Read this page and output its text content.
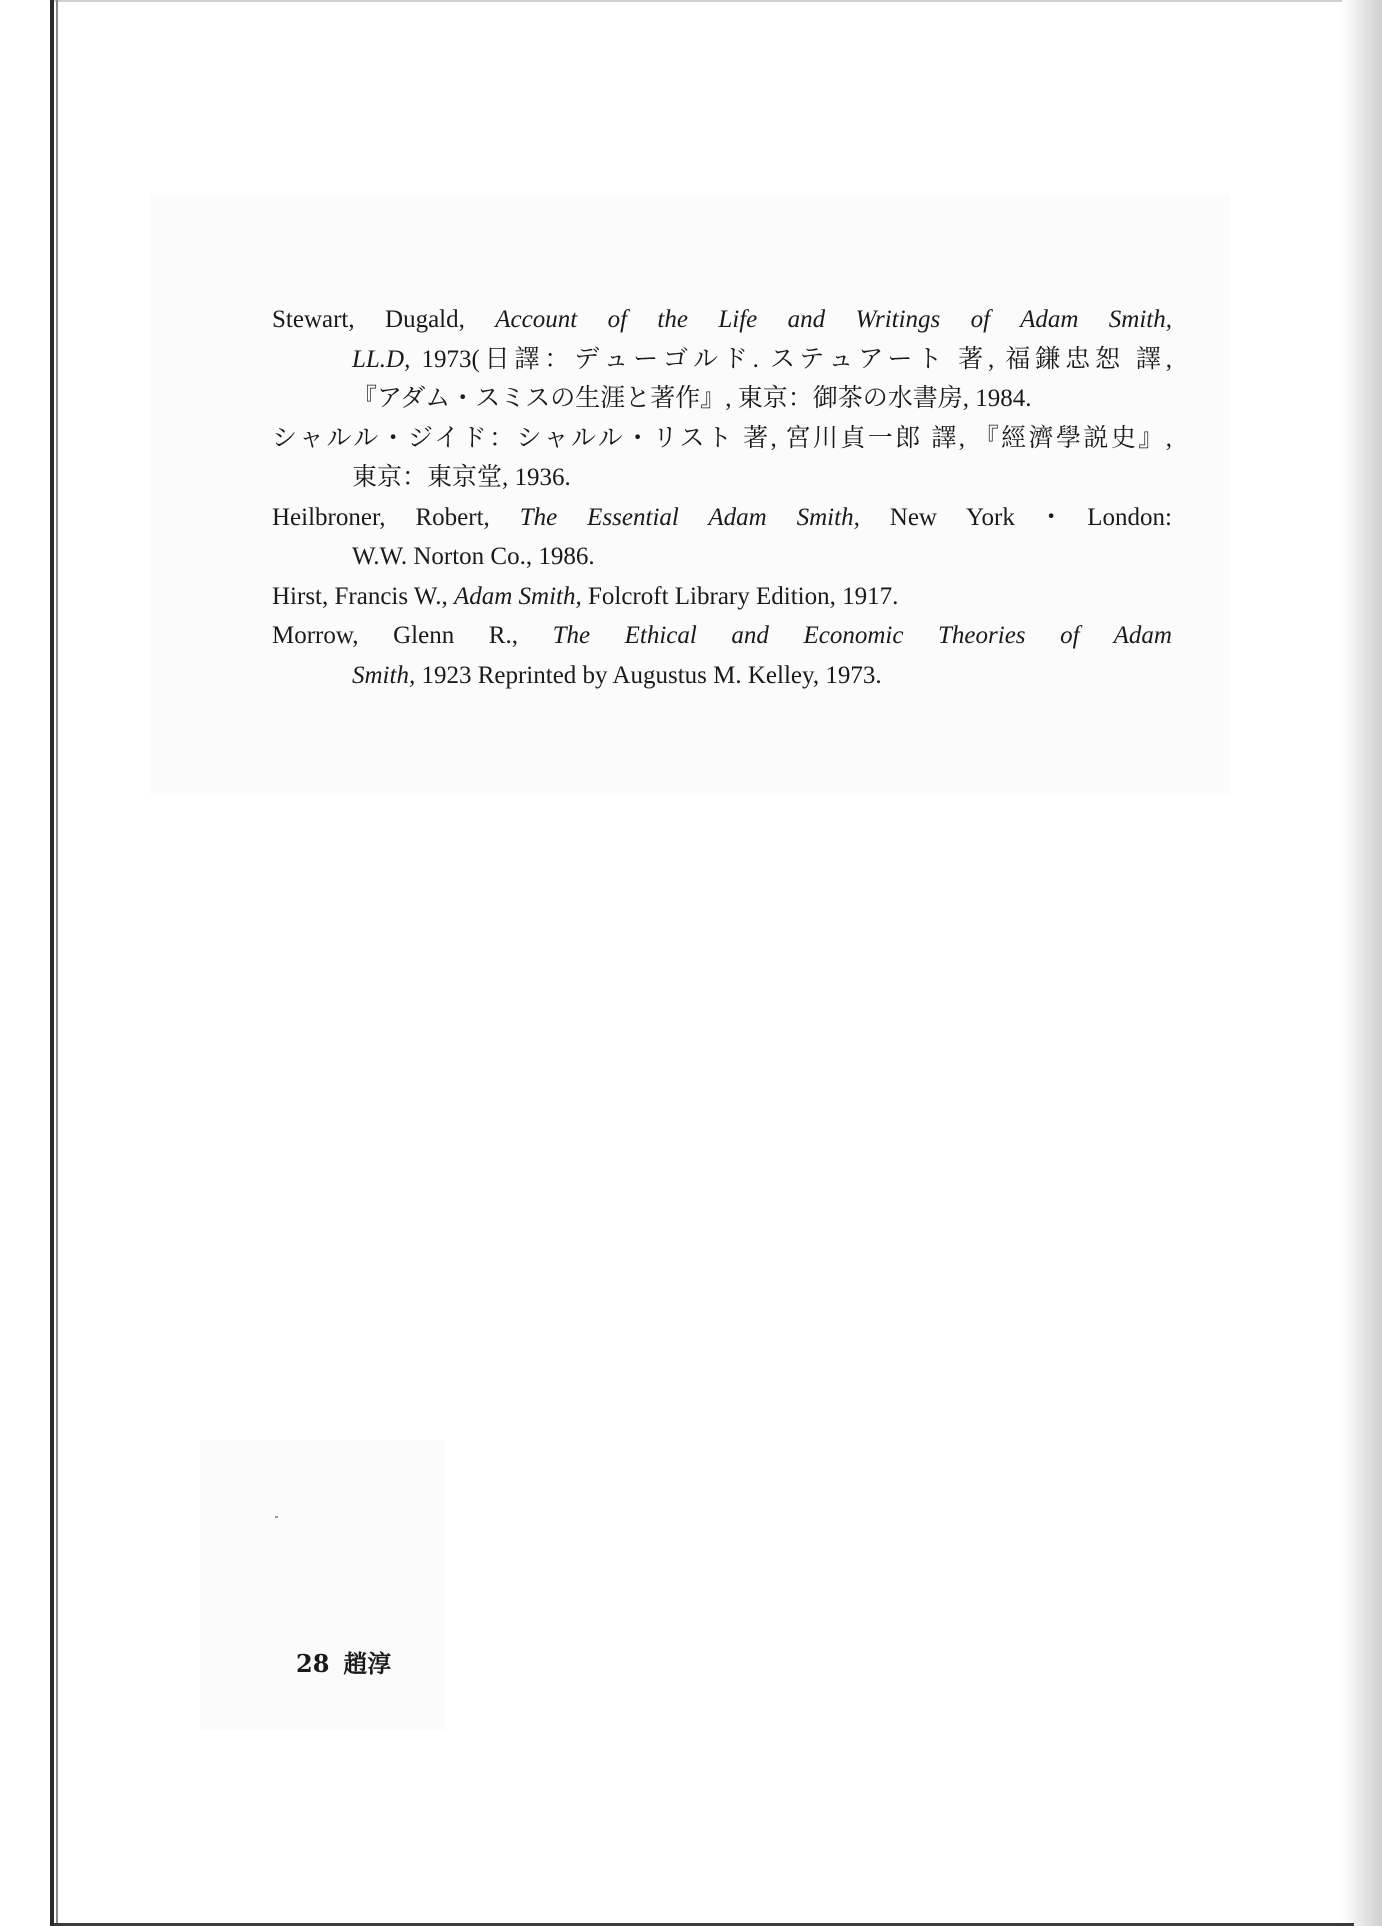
Stewart, Dugald, Account of the Life and Writings of Adam Smith,
LL.D, 1973(日譯：デューゴルド. ステュアート 著, 福鎌忠恕 譯,
『アダム・スミスの生涯と著作』, 東京：御茶の水書房, 1984.
シャルル・ジイド：シャルル・リスト 著, 宮川貞一郎 譯, 『經濟學説史』,
東京：東京堂, 1936.
Heilbroner, Robert, The Essential Adam Smith, New York・London:
W.W. Norton Co., 1986.
Hirst, Francis W., Adam Smith, Folcroft Library Edition, 1917.
Morrow, Glenn R., The Ethical and Economic Theories of Adam
Smith, 1923 Reprinted by Augustus M. Kelley, 1973.
28 趙淳
